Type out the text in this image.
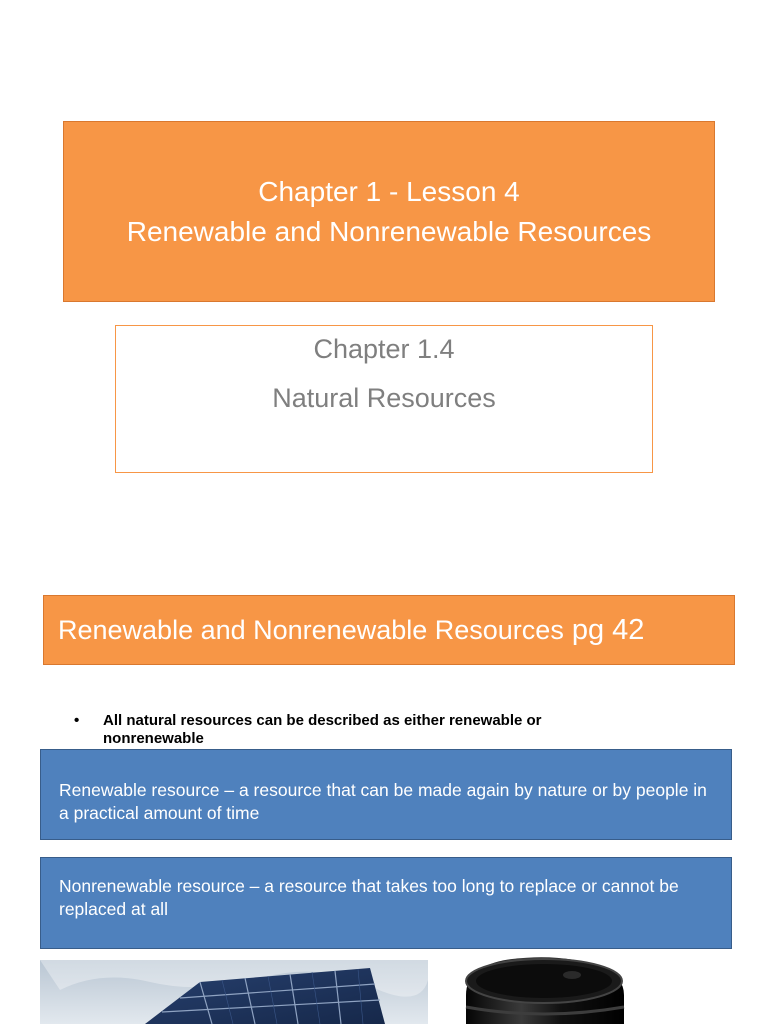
Chapter 1 - Lesson 4
Renewable and Nonrenewable Resources
Chapter 1.4
Natural Resources
Renewable and Nonrenewable Resources pg 42
• All natural resources can be described as either renewable or nonrenewable
Renewable resource – a resource that can be made again by nature or by people in a practical amount of time
Nonrenewable resource – a resource that takes too long to replace or cannot be replaced at all
